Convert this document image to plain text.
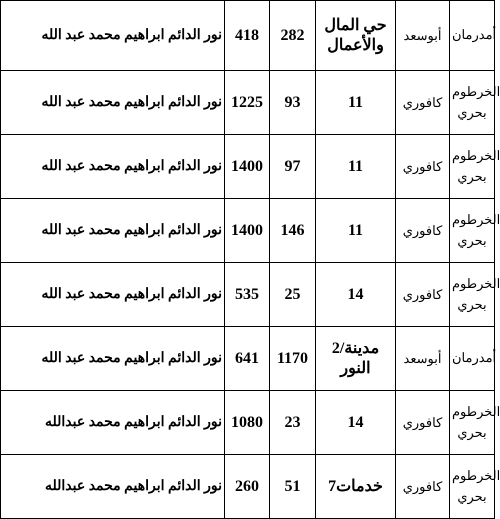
نور الدائم ابراهيم محمد عبد الله	418	282	حي المال والأعمال	أبوسعد	أمدرمان
نور الدائم ابراهيم محمد عبد الله	1225	93	11	كافوري	الخرطوم بحري
نور الدائم ابراهيم محمد عبد الله	1400	97	11	كافوري	الخرطوم بحري
نور الدائم ابراهيم محمد عبد الله	1400	146	11	كافوري	الخرطوم بحري
نور الدائم ابراهيم محمد عبد الله	535	25	14	كافوري	الخرطوم بحري
نور الدائم ابراهيم محمد عبد الله	641	1170	2/مدينة النور	أبوسعد	أمدرمان
نور الدائم ابراهيم محمد عبدالله	1080	23	14	كافوري	الخرطوم بحري
نور الدائم ابراهيم محمد عبدالله	260	51	7خدمات	كافوري	الخرطوم بحري
